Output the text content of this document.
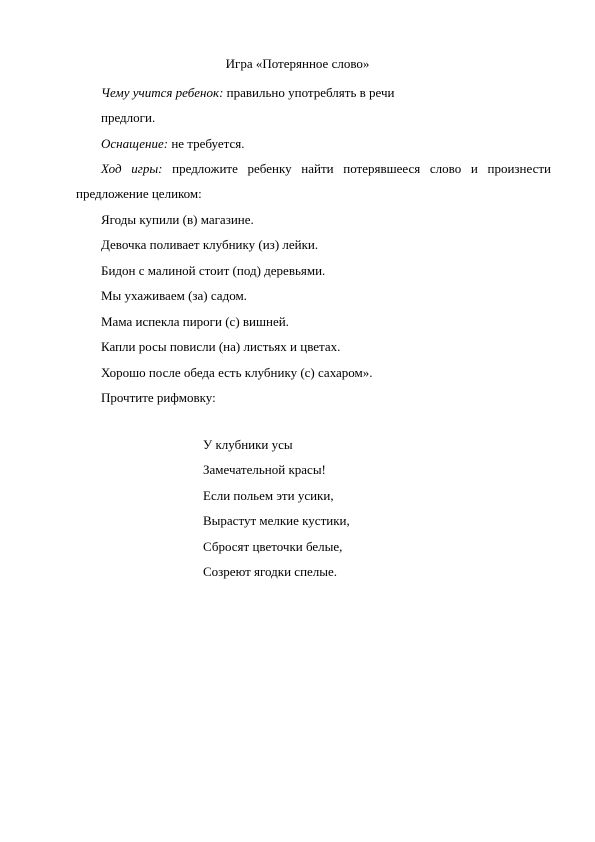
Игра «Потерянное слово»
Чему учится ребенок: правильно употреблять в речи
предлоги.
Оснащение: не требуется.
Ход игры: предложите ребенку найти потерявшееся слово и произнести
предложение целиком:
Ягоды купили (в) магазине.
Девочка поливает клубнику (из) лейки.
Бидон с малиной стоит (под) деревьями.
Мы ухаживаем (за) садом.
Мама испекла пироги (с) вишней.
Капли росы повисли (на) листьях и цветах.
Хорошо после обеда есть клубнику (с) сахаром».
Прочтите рифмовку:
У клубники усы
Замечательной красы!
Если польем эти усики,
Вырастут мелкие кустики,
Сбросят цветочки белые,
Созреют ягодки спелые.
